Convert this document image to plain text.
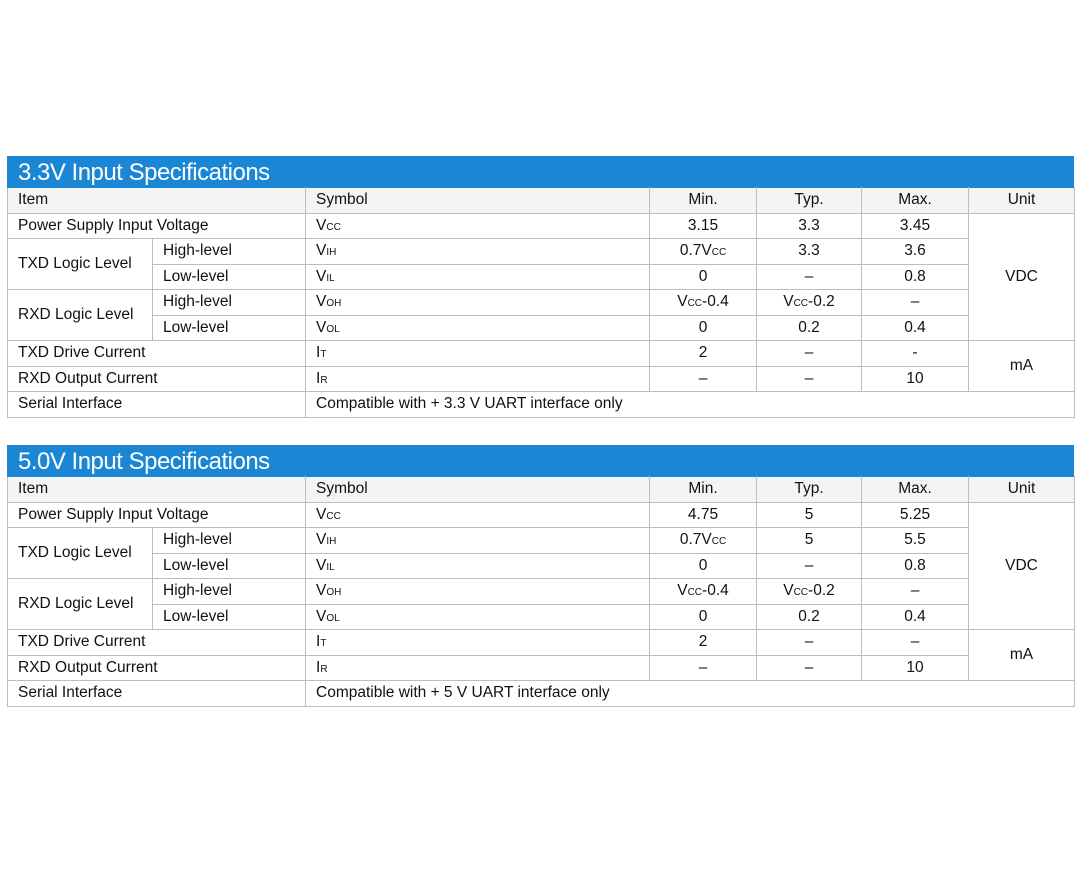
3.3V Input Specifications
Item		Symbol	Min.	Typ.	Max.	Unit
Power Supply Input Voltage		VCC	3.15	3.3	3.45	VDC
TXD Logic Level	High-level	VIH	0.7VCC	3.3	3.6	
	Low-level	VIL	0	–	0.8	
RXD Logic Level	High-level	VOH	VCC-0.4	VCC-0.2	–	
	Low-level	VOL	0	0.2	0.4	
TXD Drive Current		IT	2	–	-	mA
RXD Output Current		IR	–	–	10	
Serial Interface		Compatible with + 3.3 V UART interface only				
5.0V Input Specifications
Item		Symbol	Min.	Typ.	Max.	Unit
Power Supply Input Voltage		VCC	4.75	5	5.25	VDC
TXD Logic Level	High-level	VIH	0.7VCC	5	5.5	
	Low-level	VIL	0	–	0.8	
RXD Logic Level	High-level	VOH	VCC-0.4	VCC-0.2	–	
	Low-level	VOL	0	0.2	0.4	
TXD Drive Current		IT	2	–	–	mA
RXD Output Current		IR	–	–	10	
Serial Interface		Compatible with + 5 V UART interface only				
